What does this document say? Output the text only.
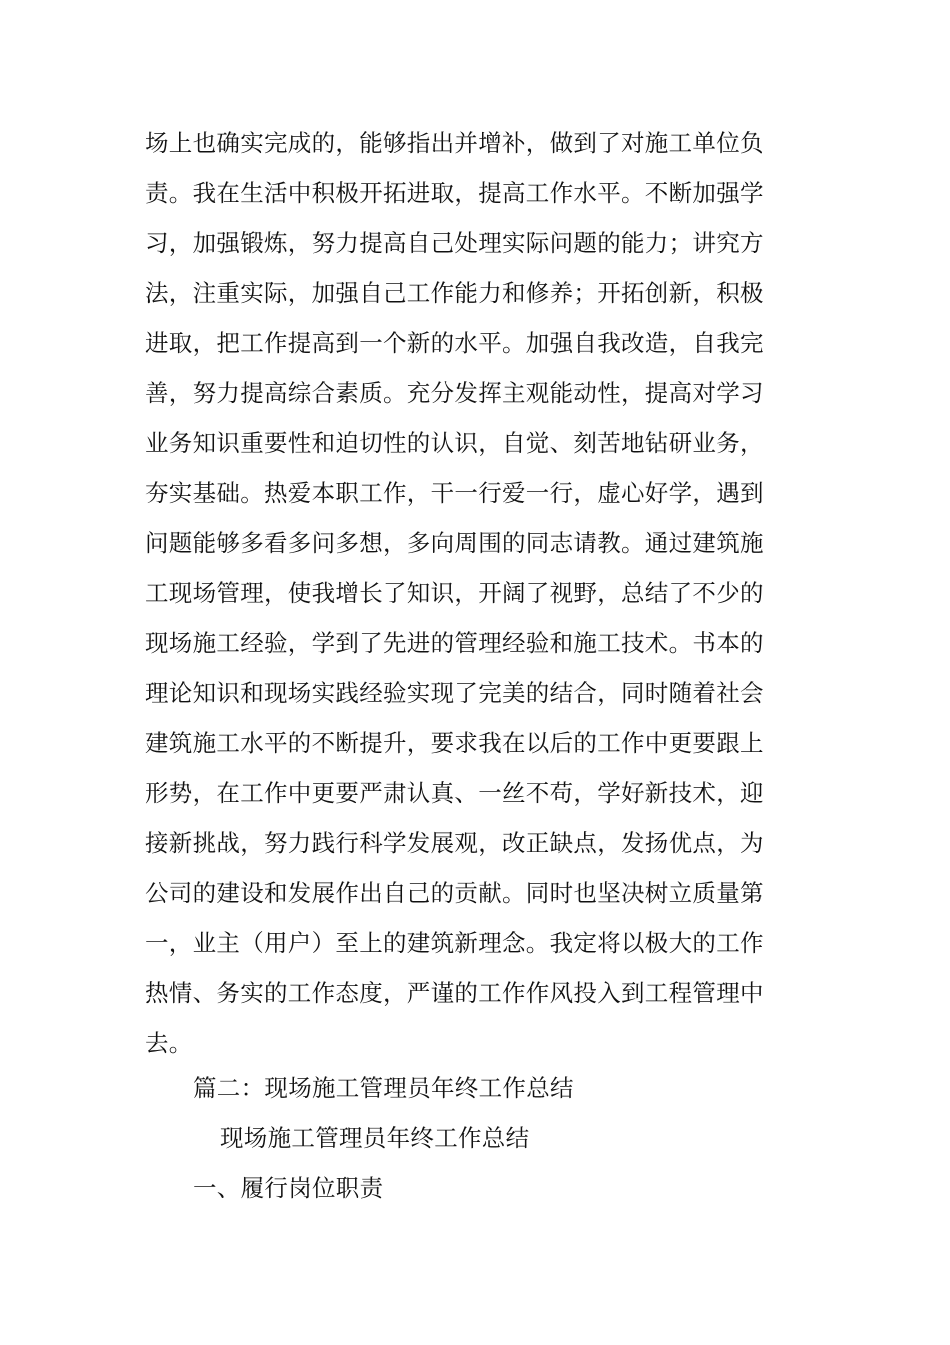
场上也确实完成的，能够指出并增补，做到了对施工单位负
责。我在生活中积极开拓进取，提高工作水平。不断加强学
习，加强锻炼，努力提高自己处理实际问题的能力；讲究方
法，注重实际，加强自己工作能力和修养；开拓创新，积极
进取，把工作提高到一个新的水平。加强自我改造，自我完
善，努力提高综合素质。充分发挥主观能动性，提高对学习
业务知识重要性和迫切性的认识，自觉、刻苦地钻研业务，
夯实基础。热爱本职工作，干一行爱一行，虚心好学，遇到
问题能够多看多问多想，多向周围的同志请教。通过建筑施
工现场管理，使我增长了知识，开阔了视野，总结了不少的
现场施工经验，学到了先进的管理经验和施工技术。书本的
理论知识和现场实践经验实现了完美的结合，同时随着社会
建筑施工水平的不断提升，要求我在以后的工作中更要跟上
形势，在工作中更要严肃认真、一丝不苟，学好新技术，迎
接新挑战，努力践行科学发展观，改正缺点，发扬优点，为
公司的建设和发展作出自己的贡献。同时也坚决树立质量第
一，业主（用户）至上的建筑新理念。我定将以极大的工作
热情、务实的工作态度，严谨的工作作风投入到工程管理中
去。
篇二：现场施工管理员年终工作总结
现场施工管理员年终工作总结
一、履行岗位职责
